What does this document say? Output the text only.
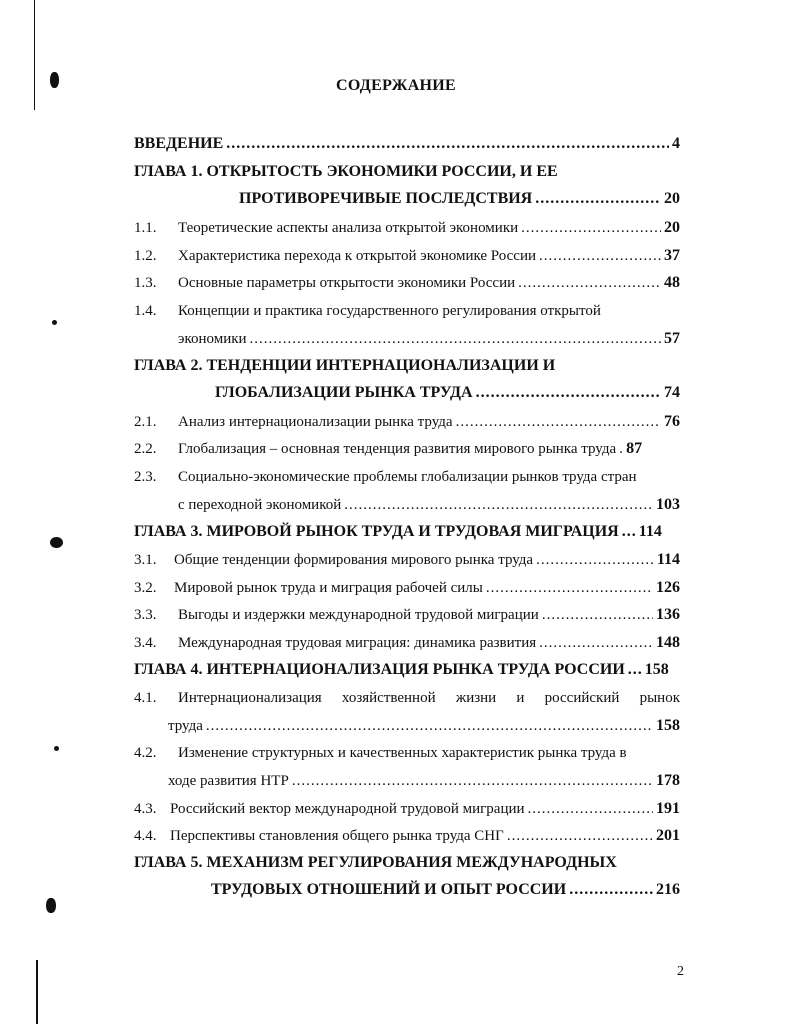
СОДЕРЖАНИЕ
ВВЕДЕНИЕ .....	4
ГЛАВА 1. ОТКРЫТОСТЬ ЭКОНОМИКИ РОССИИ, И ЕЕ
ПРОТИВОРЕЧИВЫЕ ПОСЛЕДСТВИЯ .....	20
1.1. Теоретические аспекты анализа открытой экономики .....	20
1.2. Характеристика перехода к открытой экономике России .....	37
1.3. Основные параметры открытости экономики России .....	48
1.4. Концепции и практика государственного регулирования открытой
экономики .....	57
ГЛАВА 2. ТЕНДЕНЦИИ ИНТЕРНАЦИОНАЛИЗАЦИИ И
ГЛОБАЛИЗАЦИИ РЫНКА ТРУДА .....	74
2.1. Анализ интернационализации рынка труда .....	76
2.2. Глобализация – основная тенденция развития мирового рынка труда ..... 87
2.3. Социально-экономические проблемы глобализации рынков труда стран
с переходной экономикой .....	103
ГЛАВА 3. МИРОВОЙ РЫНОК ТРУДА И ТРУДОВАЯ МИГРАЦИЯ ..... 114
3.1. Общие тенденции формирования мирового рынка труда .....	114
3.2. Мировой рынок труда и миграция рабочей силы .....	126
3.3. Выгоды и издержки международной трудовой миграции .....	136
3.4. Международная трудовая миграция: динамика развития .....	148
ГЛАВА 4. ИНТЕРНАЦИОНАЛИЗАЦИЯ РЫНКА ТРУДА РОССИИ ..... 158
4.1. Интернационализация хозяйственной жизни и российский рынок
труда .....	158
4.2. Изменение структурных и качественных характеристик рынка труда в
ходе развития НТР .....	178
4.3. Российский вектор международной трудовой миграции .....	191
4.4. Перспективы становления общего рынка труда СНГ .....	201
ГЛАВА 5. МЕХАНИЗМ РЕГУЛИРОВАНИЯ МЕЖДУНАРОДНЫХ
ТРУДОВЫХ ОТНОШЕНИЙ И ОПЫТ РОССИИ .....	216
2
